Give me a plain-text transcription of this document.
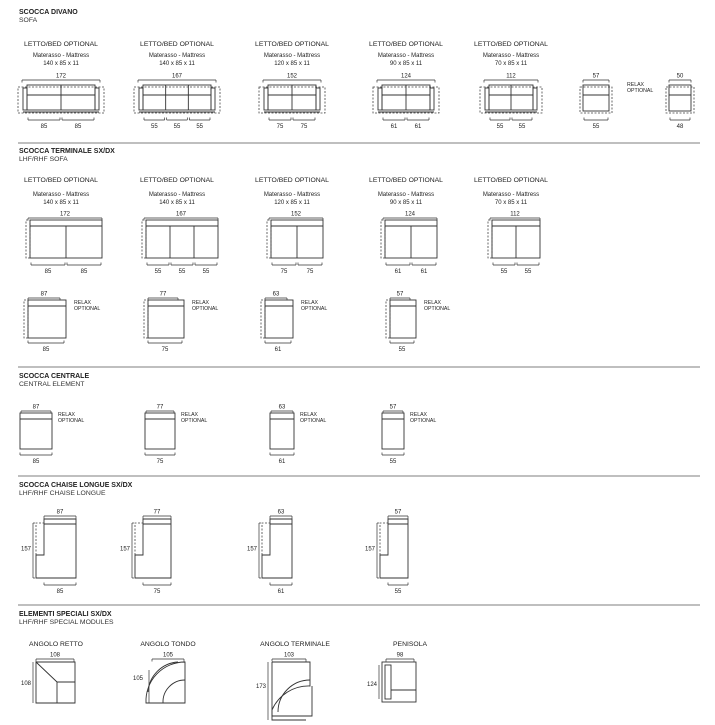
SCOCCA DIVANO
SOFA
SCOCCA TERMINALE SX/DX
LHF/RHF SOFA
SCOCCA CENTRALE
CENTRAL ELEMENT
SCOCCA CHAISE LONGUE SX/DX
LHF/RHF CHAISE LONGUE
ELEMENTI SPECIALI SX/DX
LHF/RHF SPECIAL MODULES
LETTO/BED OPTIONAL
Materasso - Mattress
140 x 85 x 11
172
85	85
LETTO/BED OPTIONAL
Materasso - Mattress
140 x 85 x 11
167
55	55	55
LETTO/BED OPTIONAL
Materasso - Mattress
120 x 85 x 11
152
75	75
LETTO/BED OPTIONAL
Materasso - Mattress
90 x 85 x 11
124
61	61
LETTO/BED OPTIONAL
Materasso - Mattress
70 x 85 x 11
112
55	55
57
55
50
48
RELAX
OPTIONAL
LETTO/BED OPTIONAL
Materasso - Mattress
140 x 85 x 11
172
85	85
LETTO/BED OPTIONAL
Materasso - Mattress
140 x 85 x 11
167
55	55	55
LETTO/BED OPTIONAL
Materasso - Mattress
120 x 85 x 11
152
75	75
LETTO/BED OPTIONAL
Materasso - Mattress
90 x 85 x 11
124
61	61
LETTO/BED OPTIONAL
Materasso - Mattress
70 x 85 x 11
112
55	55
87
85
RELAX
OPTIONAL
77
75
RELAX
OPTIONAL
63
61
RELAX
OPTIONAL
57
55
RELAX
OPTIONAL
87
85
RELAX
OPTIONAL
77
75
RELAX
OPTIONAL
63
61
RELAX
OPTIONAL
57
55
RELAX
OPTIONAL
87
157
85
77
157
75
63
157
61
57
157
55
ANGOLO RETTO
108
108
ANGOLO TONDO
105
105
ANGOLO TERMINALE
103
173
PENISOLA
98
124
